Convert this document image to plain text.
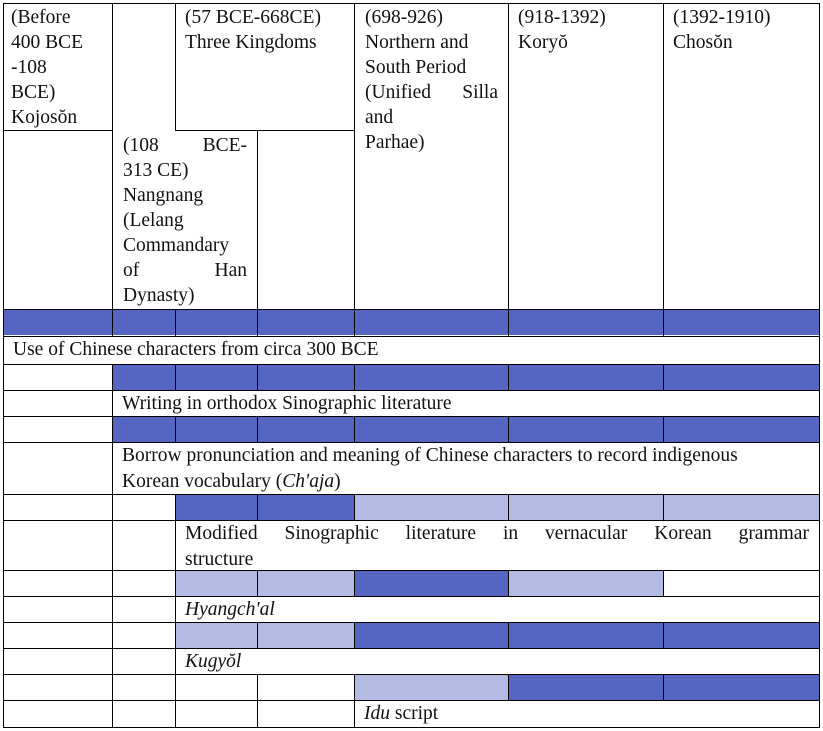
(Before
400 BCE
-108
BCE)
Kojosŏn
(57 BCE-668CE)
Three Kingdoms
(108 BCE-
313 CE)
Nangnang
(Lelang
Commandary
of	Han
Dynasty)
(698-926)
Northern and
South Period
(Unified Silla
and
Parhae)
(918-1392)
Koryŏ
(1392-1910)
Chosŏn
Use of Chinese characters from circa 300 BCE
Writing in orthodox Sinographic literature
Borrow pronunciation and meaning of Chinese characters to record indigenous
Korean vocabulary (Ch'aja)
Modified Sinographic literature in vernacular Korean grammar
structure
Hyangch'al
Kugyŏl
Idu script
